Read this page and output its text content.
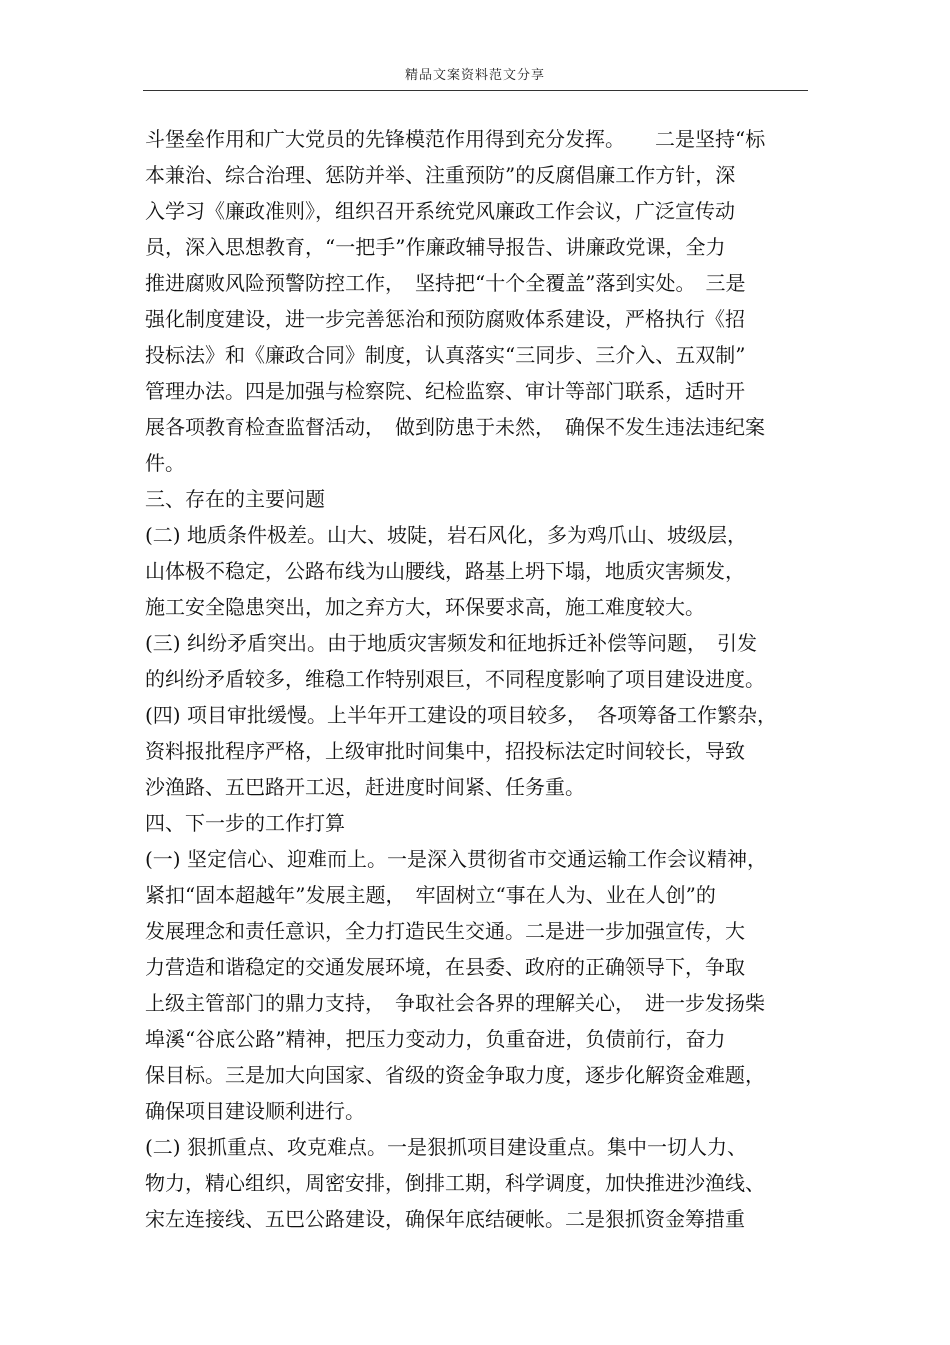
精品文案资料范文分享
斗堡垒作用和广大党员的先锋模范作用得到充分发挥。　　二是坚持“标
本兼治、综合治理、惩防并举、注重预防”的反腐倡廉工作方针，深
入学习《廉政准则》，组织召开系统党风廉政工作会议，广泛宣传动
员，深入思想教育，“一把手”作廉政辅导报告、讲廉政党课，全力
推进腐败风险预警防控工作，　坚持把“十个全覆盖”落到实处。　三是
强化制度建设，进一步完善惩治和预防腐败体系建设，严格执行《招
投标法》和《廉政合同》制度，认真落实“三同步、三介入、五双制”
管理办法。四是加强与检察院、纪检监察、审计等部门联系，适时开
展各项教育检查监督活动，　做到防患于未然，　确保不发生违法违纪案
件。
三、存在的主要问题
(二) 地质条件极差。山大、坡陡，岩石风化，多为鸡爪山、坡级层，
山体极不稳定，公路布线为山腰线，路基上坍下塌，地质灾害频发，
施工安全隐患突出，加之弃方大，环保要求高，施工难度较大。
(三) 纠纷矛盾突出。由于地质灾害频发和征地拆迁补偿等问题，　引发
的纠纷矛盾较多，维稳工作特别艰巨，不同程度影响了项目建设进度。
(四) 项目审批缓慢。上半年开工建设的项目较多，　各项筹备工作繁杂，
资料报批程序严格，上级审批时间集中，招投标法定时间较长，导致
沙渔路、五巴路开工迟，赶进度时间紧、任务重。
四、下一步的工作打算
(一) 坚定信心、迎难而上。一是深入贯彻省市交通运输工作会议精神，
紧扣“固本超越年”发展主题，　牢固树立“事在人为、业在人创”的
发展理念和责任意识，全力打造民生交通。二是进一步加强宣传，大
力营造和谐稳定的交通发展环境，在县委、政府的正确领导下，争取
上级主管部门的鼎力支持，　争取社会各界的理解关心，　进一步发扬柴
埠溪“谷底公路”精神，把压力变动力，负重奋进，负债前行，奋力
保目标。三是加大向国家、省级的资金争取力度，逐步化解资金难题，
确保项目建设顺利进行。
(二) 狠抓重点、攻克难点。一是狠抓项目建设重点。集中一切人力、
物力，精心组织，周密安排，倒排工期，科学调度，加快推进沙渔线、
宋左连接线、五巴公路建设，确保年底结硬帐。二是狠抓资金筹措重
